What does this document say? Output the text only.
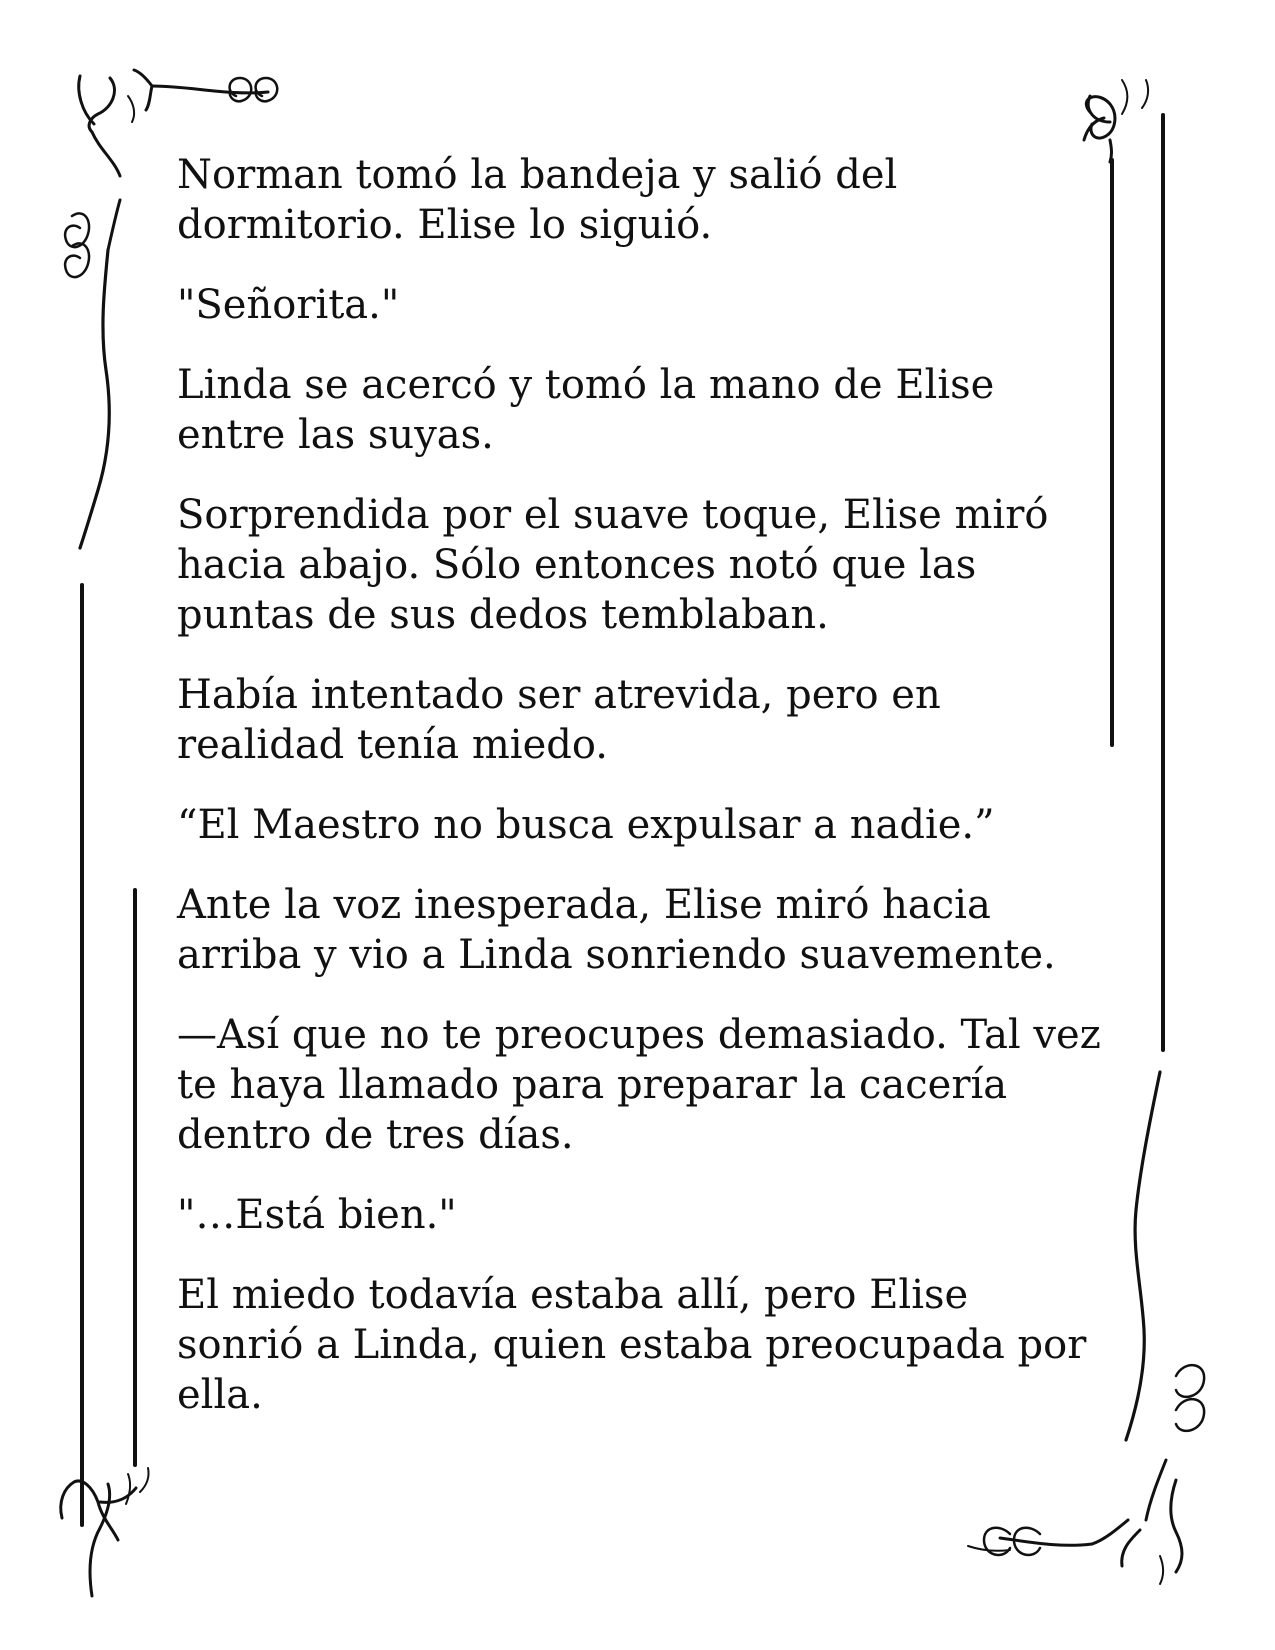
Norman tomó la bandeja y salió del dormitorio. Elise lo siguió.

"Señorita."

Linda se acercó y tomó la mano de Elise entre las suyas.

Sorprendida por el suave toque, Elise miró hacia abajo. Sólo entonces notó que las puntas de sus dedos temblaban.

Había intentado ser atrevida, pero en realidad tenía miedo.

“El Maestro no busca expulsar a nadie.”

Ante la voz inesperada, Elise miró hacia arriba y vio a Linda sonriendo suavemente.

—Así que no te preocupes demasiado. Tal vez te haya llamado para preparar la cacería dentro de tres días.

"…Está bien."

El miedo todavía estaba allí, pero Elise sonrió a Linda, quien estaba preocupada por ella.
